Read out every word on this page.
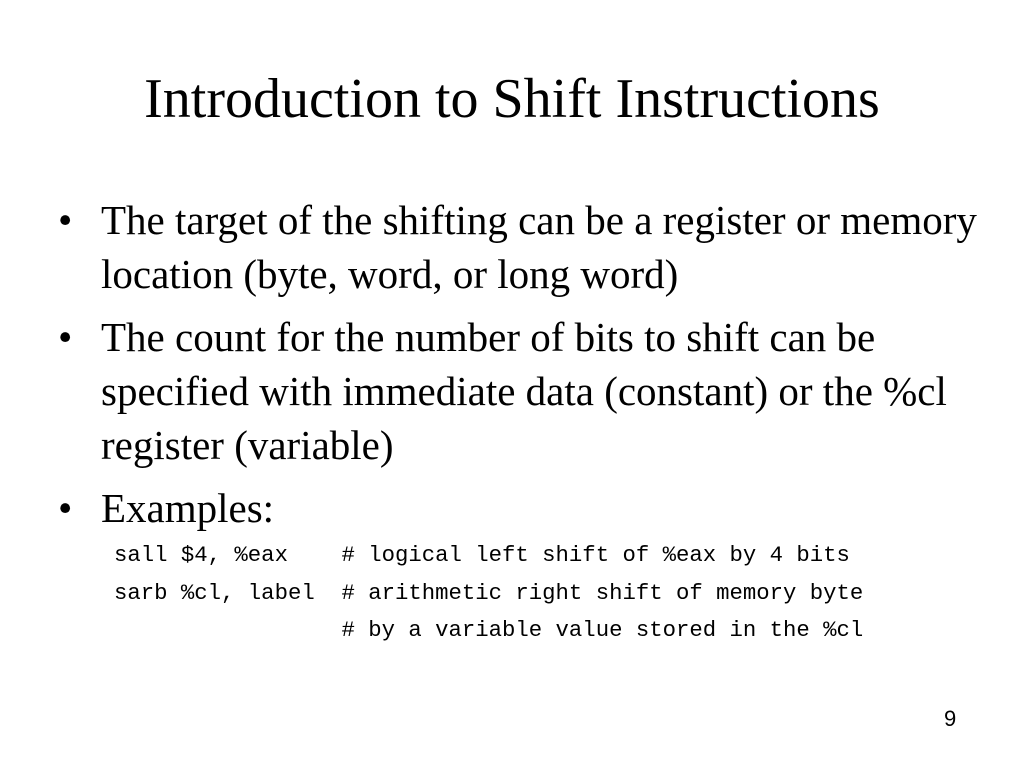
Introduction to Shift Instructions
• The target of the shifting can be a register or memory location (byte, word, or long word)
• The count for the number of bits to shift can be specified with immediate data (constant) or the %cl register (variable)
• Examples:
sall $4, %eax    # logical left shift of %eax by 4 bits
sarb %cl, label  # arithmetic right shift of memory byte
# by a variable value stored in the %cl
9
